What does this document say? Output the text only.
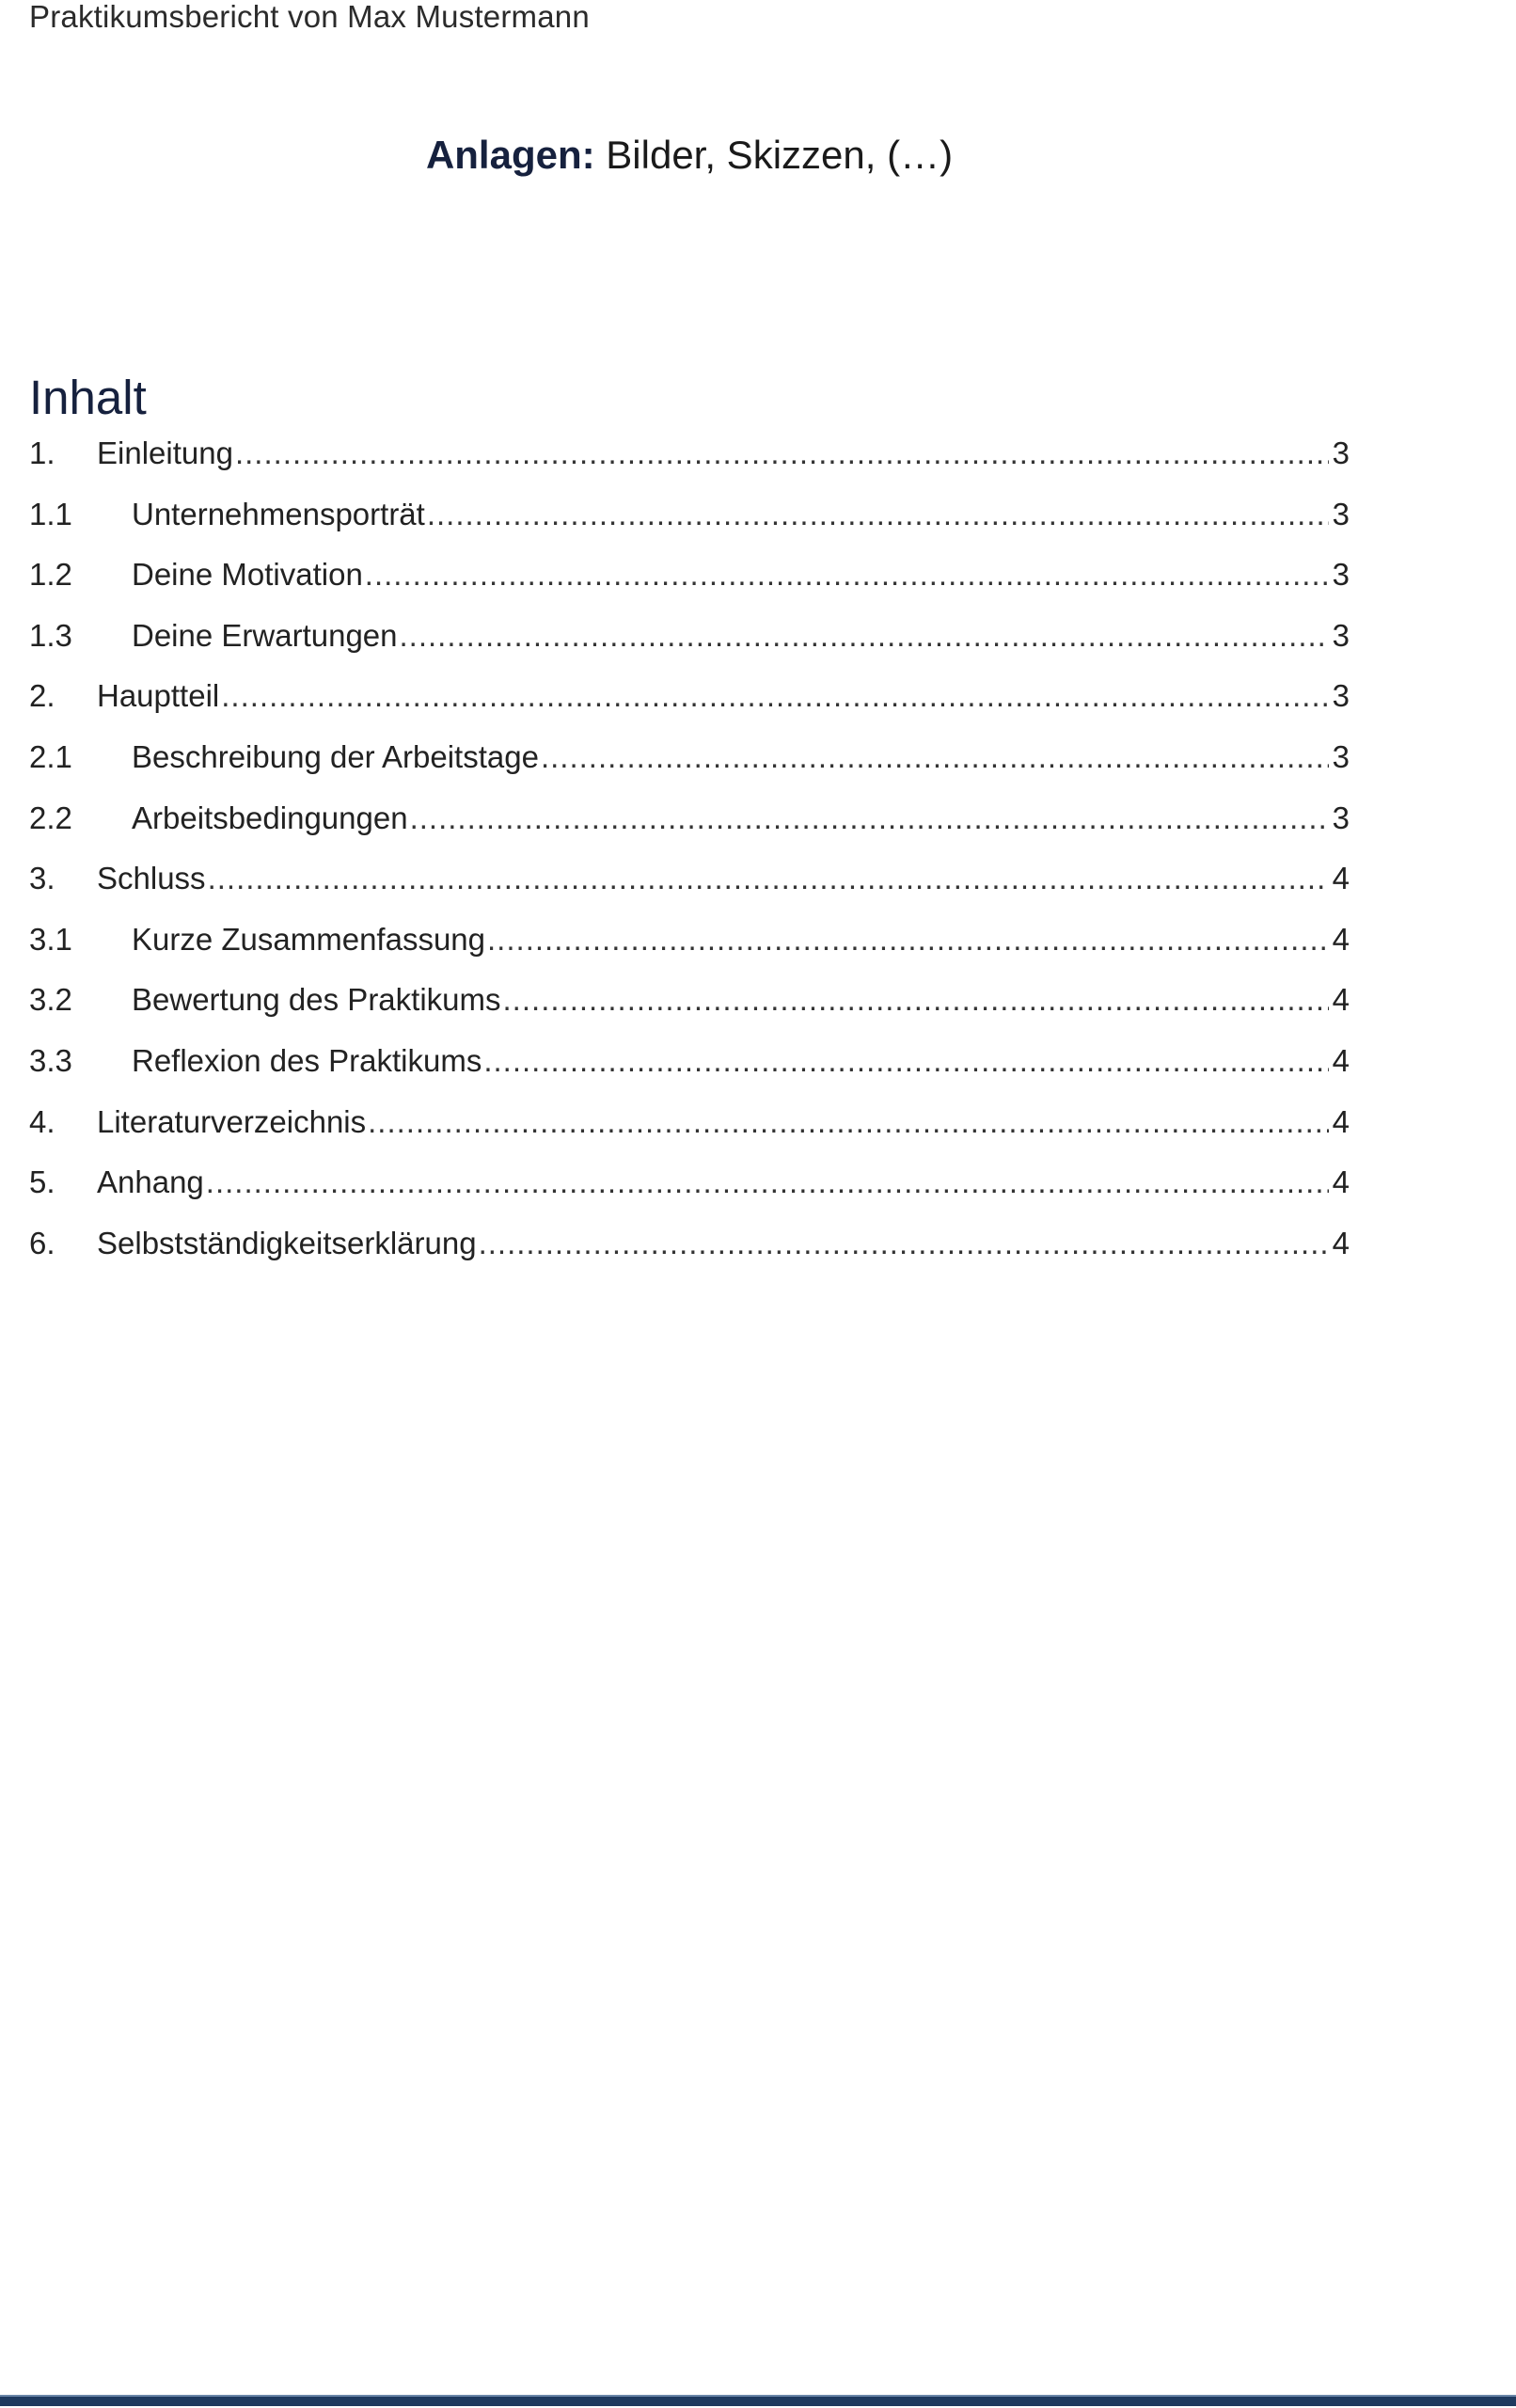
Praktikumsbericht von Max Mustermann
Anlagen: Bilder, Skizzen, (…)
Inhalt
1.	Einleitung .....	3
1.1	Unternehmensporträt .....	3
1.2	Deine Motivation .....	3
1.3	Deine Erwartungen .....	3
2.	Hauptteil .....	3
2.1	Beschreibung der Arbeitstage .....	3
2.2	Arbeitsbedingungen .....	3
3.	Schluss .....	4
3.1	Kurze Zusammenfassung .....	4
3.2	Bewertung des Praktikums .....	4
3.3	Reflexion des Praktikums .....	4
4.	Literaturverzeichnis .....	4
5.	Anhang .....	4
6.	Selbstständigkeitserklärung .....	4
